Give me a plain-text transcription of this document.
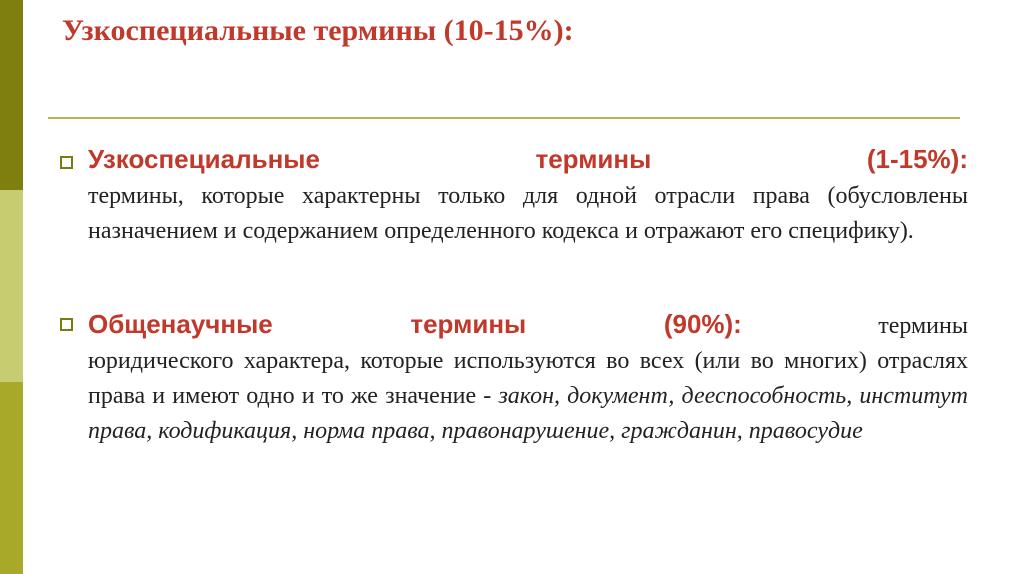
Узкоспециальные термины (10-15%):
Узкоспециальные термины (1-15%):
термины, которые характерны только для одной отрасли права (обусловлены назначением и содержанием определенного кодекса и отражают его специфику).
Общенаучные термины (90%):	термины
юридического характера, которые используются во всех (или во многих) отраслях права и имеют одно и то же значение - закон, документ, дееспособность, институт права, кодификация, норма права, правонарушение, гражданин, правосудие
